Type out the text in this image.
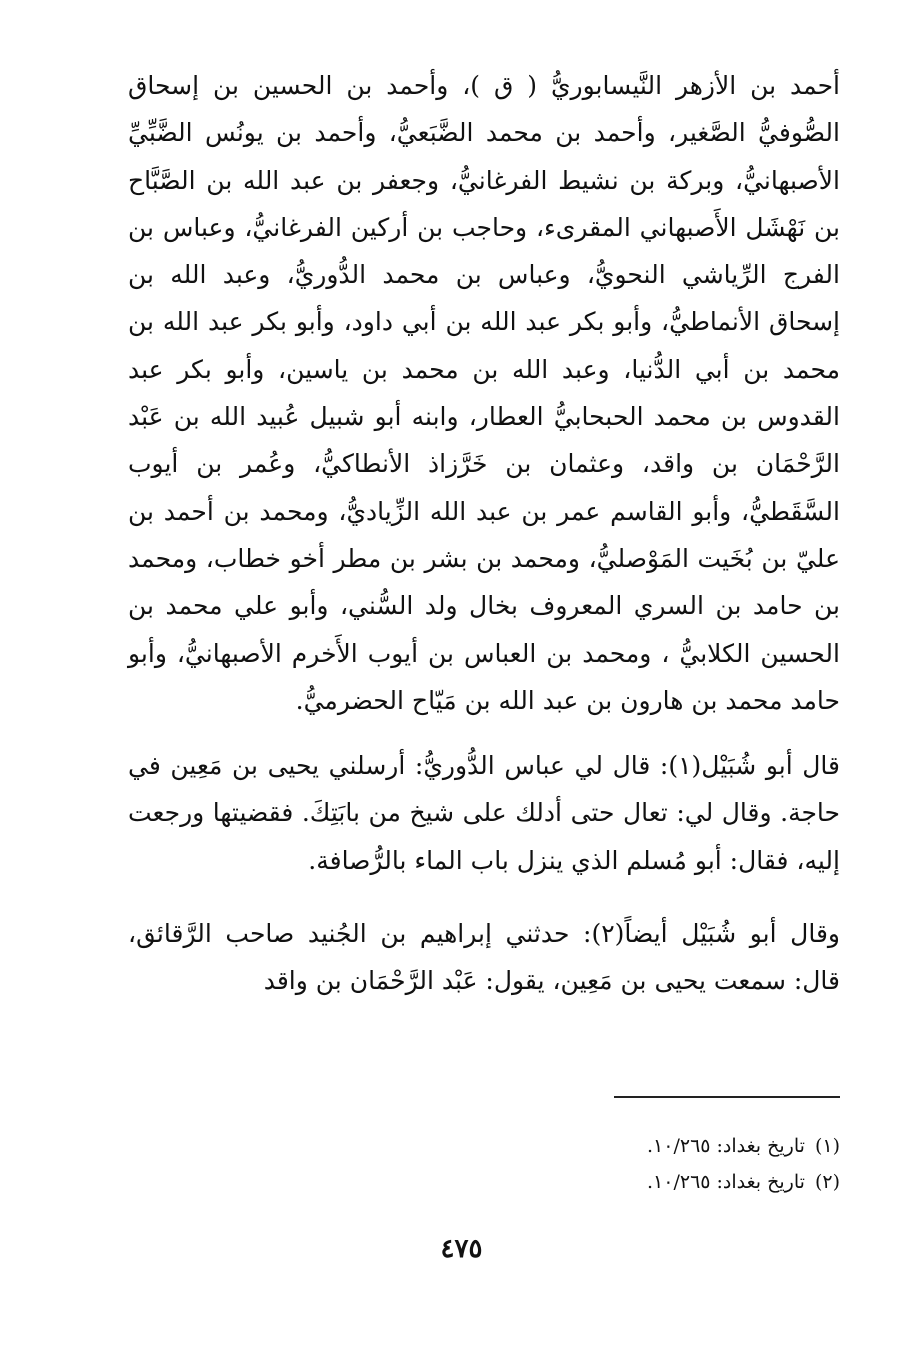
أحمد بن الأزهر النَّيسابوريُّ ( ق )، وأحمد بن الحسين بن إسحاق الصُّوفيُّ الصَّغير، وأحمد بن محمد الضَّبَعيُّ، وأحمد بن يونُس الضَّبِّيِّ الأصبهانيُّ، وبركة بن نشيط الفرغانيُّ، وجعفر بن عبد الله بن الصَّبَّاح بن نَهْشَل الأَصبهاني المقرىء، وحاجب بن أركين الفرغانيُّ، وعباس بن الفرج الرِّياشي النحويُّ، وعباس بن محمد الدُّوريُّ، وعبد الله بن إسحاق الأنماطيُّ، وأبو بكر عبد الله بن أبي داود، وأبو بكر عبد الله بن محمد بن أبي الدُّنيا، وعبد الله بن محمد بن ياسين، وأبو بكر عبد القدوس بن محمد الحبحابيُّ العطار، وابنه أبو شبيل عُبيد الله بن عَبْد الرَّحْمَان بن واقد، وعثمان بن خَرَّزاذ الأنطاكيُّ، وعُمر بن أيوب السَّقَطيُّ، وأبو القاسم عمر بن عبد الله الزِّياديُّ، ومحمد بن أحمد بن عليّ بن بُخَيت المَوْصليُّ، ومحمد بن بشر بن مطر أخو خطاب، ومحمد بن حامد بن السري المعروف بخال ولد السُّني، وأبو علي محمد بن الحسين الكلابيُّ ، ومحمد بن العباس بن أيوب الأَخرم الأصبهانيُّ، وأبو حامد محمد بن هارون بن عبد الله بن مَيّاح الحضرميُّ.

قال أبو شُبَيْل(١): قال لي عباس الدُّوريُّ: أرسلني يحيى بن مَعِين في حاجة. وقال لي: تعال حتى أدلك على شيخ من بابَتِكَ. فقضيتها ورجعت إليه، فقال: أبو مُسلم الذي ينزل باب الماء بالرُّصافة.

وقال أبو شُبَيْل أيضاً(٢): حدثني إبراهيم بن الجُنيد صاحب الرَّقائق، قال: سمعت يحيى بن مَعِين، يقول: عَبْد الرَّحْمَان بن واقد

(١)تاريخ بغداد: ١٠/٢٦٥.
(٢)تاريخ بغداد: ١٠/٢٦٥.
٤٧٥
